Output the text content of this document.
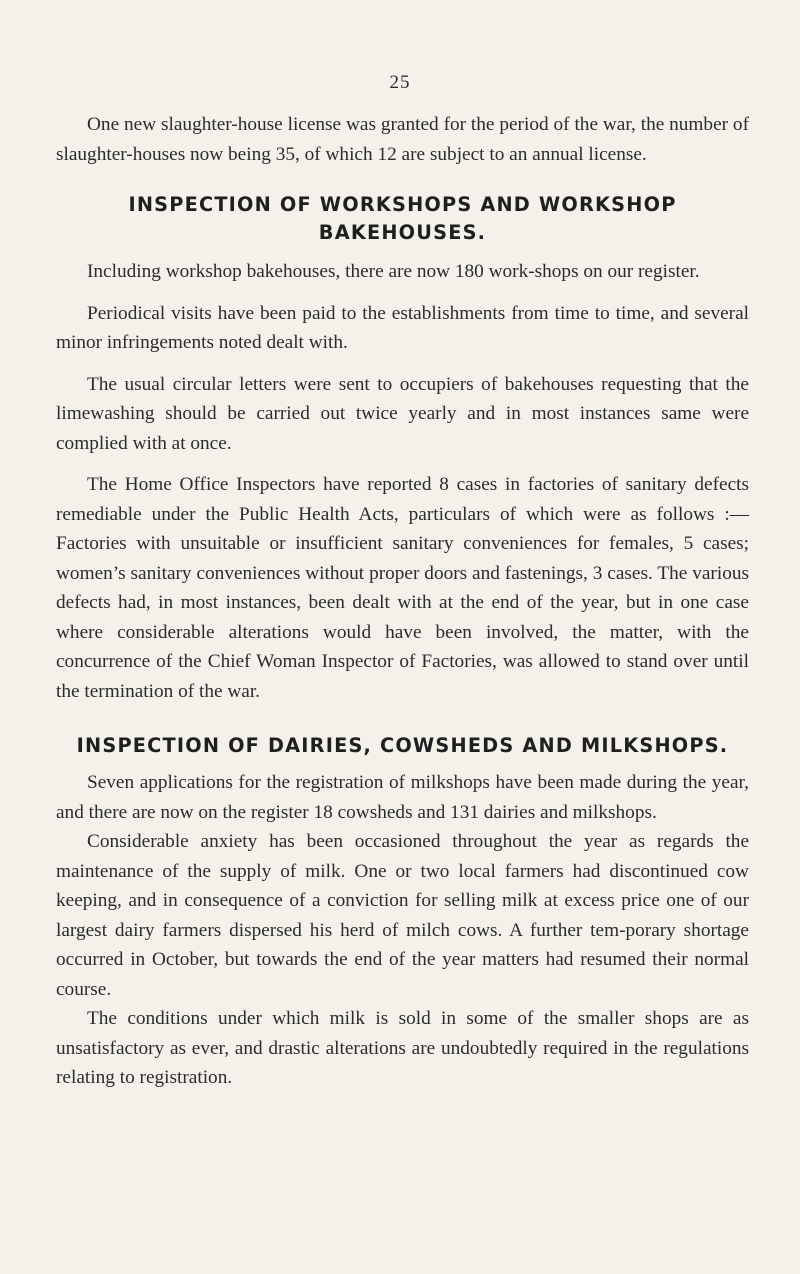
25

One new slaughter-house license was granted for the period of the war, the number of slaughter-houses now being 35, of which 12 are subject to an annual license.

INSPECTION OF WORKSHOPS AND WORKSHOP BAKEHOUSES.

Including workshop bakehouses, there are now 180 work-shops on our register.

Periodical visits have been paid to the establishments from time to time, and several minor infringements noted dealt with.

The usual circular letters were sent to occupiers of bakehouses requesting that the limewashing should be carried out twice yearly and in most instances same were complied with at once.

The Home Office Inspectors have reported 8 cases in factories of sanitary defects remediable under the Public Health Acts, particulars of which were as follows :—Factories with unsuitable or insufficient sanitary conveniences for females, 5 cases; women’s sanitary conveniences without proper doors and fastenings, 3 cases. The various defects had, in most instances, been dealt with at the end of the year, but in one case where considerable alterations would have been involved, the matter, with the concurrence of the Chief Woman Inspector of Factories, was allowed to stand over until the termination of the war.

INSPECTION OF DAIRIES, COWSHEDS AND MILKSHOPS.

Seven applications for the registration of milkshops have been made during the year, and there are now on the register 18 cowsheds and 131 dairies and milkshops.

Considerable anxiety has been occasioned throughout the year as regards the maintenance of the supply of milk. One or two local farmers had discontinued cow keeping, and in consequence of a conviction for selling milk at excess price one of our largest dairy farmers dispersed his herd of milch cows. A further tem-porary shortage occurred in October, but towards the end of the year matters had resumed their normal course.

The conditions under which milk is sold in some of the smaller shops are as unsatisfactory as ever, and drastic alterations are undoubtedly required in the regulations relating to registration.
